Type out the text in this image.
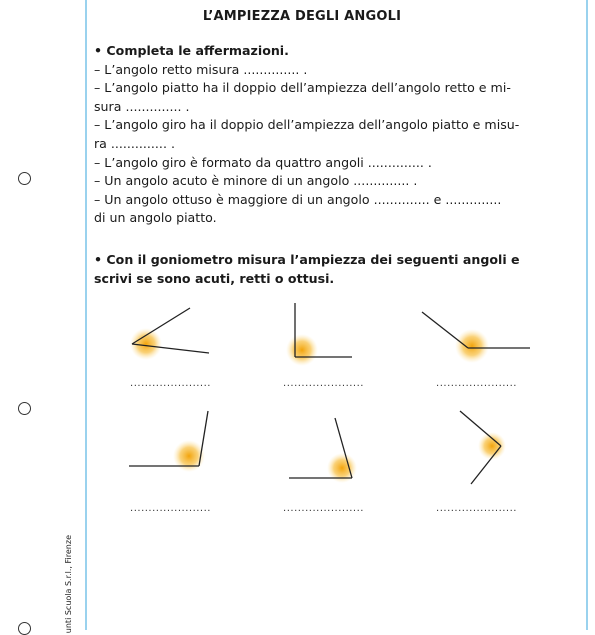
unti Scuola S.r.l., Firenze
L’AMPIEZZA DEGLI ANGOLI
• Completa le affermazioni.
– L’angolo retto misura .............. .
– L’angolo piatto ha il doppio dell’ampiezza dell’angolo retto e mi-
sura .............. .
– L’angolo giro ha il doppio dell’ampiezza dell’angolo piatto e misu-
ra .............. .
– L’angolo giro è formato da quattro angoli .............. .
– Un angolo acuto è minore di un angolo .............. .
– Un angolo ottuso è maggiore di un angolo .............. e ..............
di un angolo piatto.
• Con il goniometro misura l’ampiezza dei seguenti angoli e
scrivi se sono acuti, retti o ottusi.
......................	......................	......................
......................	......................	......................
